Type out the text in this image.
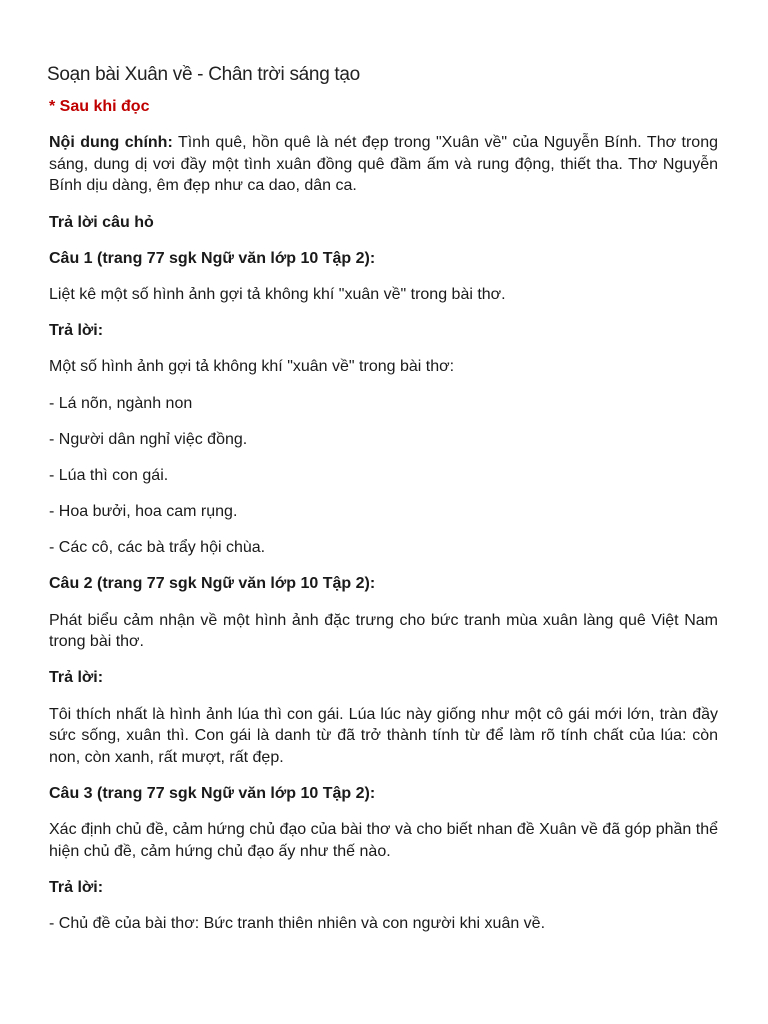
Soạn bài Xuân về - Chân trời sáng tạo

* Sau khi đọc

Nội dung chính: Tình quê, hồn quê là nét đẹp trong "Xuân về" của Nguyễn Bính. Thơ trong sáng, dung dị vơi đầy một tình xuân đồng quê đầm ấm và rung động, thiết tha. Thơ Nguyễn Bính dịu dàng, êm đẹp như ca dao, dân ca.

Trả lời câu hỏ

Câu 1 (trang 77 sgk Ngữ văn lớp 10 Tập 2):

Liệt kê một số hình ảnh gợi tả không khí "xuân về" trong bài thơ.

Trả lời:

Một số hình ảnh gợi tả không khí "xuân về" trong bài thơ:

- Lá nõn, ngành non

- Người dân nghỉ việc đồng.

- Lúa thì con gái.

- Hoa bưởi, hoa cam rụng.

- Các cô, các bà trẩy hội chùa.

Câu 2 (trang 77 sgk Ngữ văn lớp 10 Tập 2):

Phát biểu cảm nhận về một hình ảnh đặc trưng cho bức tranh mùa xuân làng quê Việt Nam trong bài thơ.

Trả lời:

Tôi thích nhất là hình ảnh lúa thì con gái. Lúa lúc này giống như một cô gái mới lớn, tràn đầy sức sống, xuân thì. Con gái là danh từ đã trở thành tính từ để làm rõ tính chất của lúa: còn non, còn xanh, rất mượt, rất đẹp.

Câu 3 (trang 77 sgk Ngữ văn lớp 10 Tập 2):

Xác định chủ đề, cảm hứng chủ đạo của bài thơ và cho biết nhan đề Xuân về đã góp phần thể hiện chủ đề, cảm hứng chủ đạo ấy như thế nào.

Trả lời:

- Chủ đề của bài thơ: Bức tranh thiên nhiên và con người khi xuân về.
